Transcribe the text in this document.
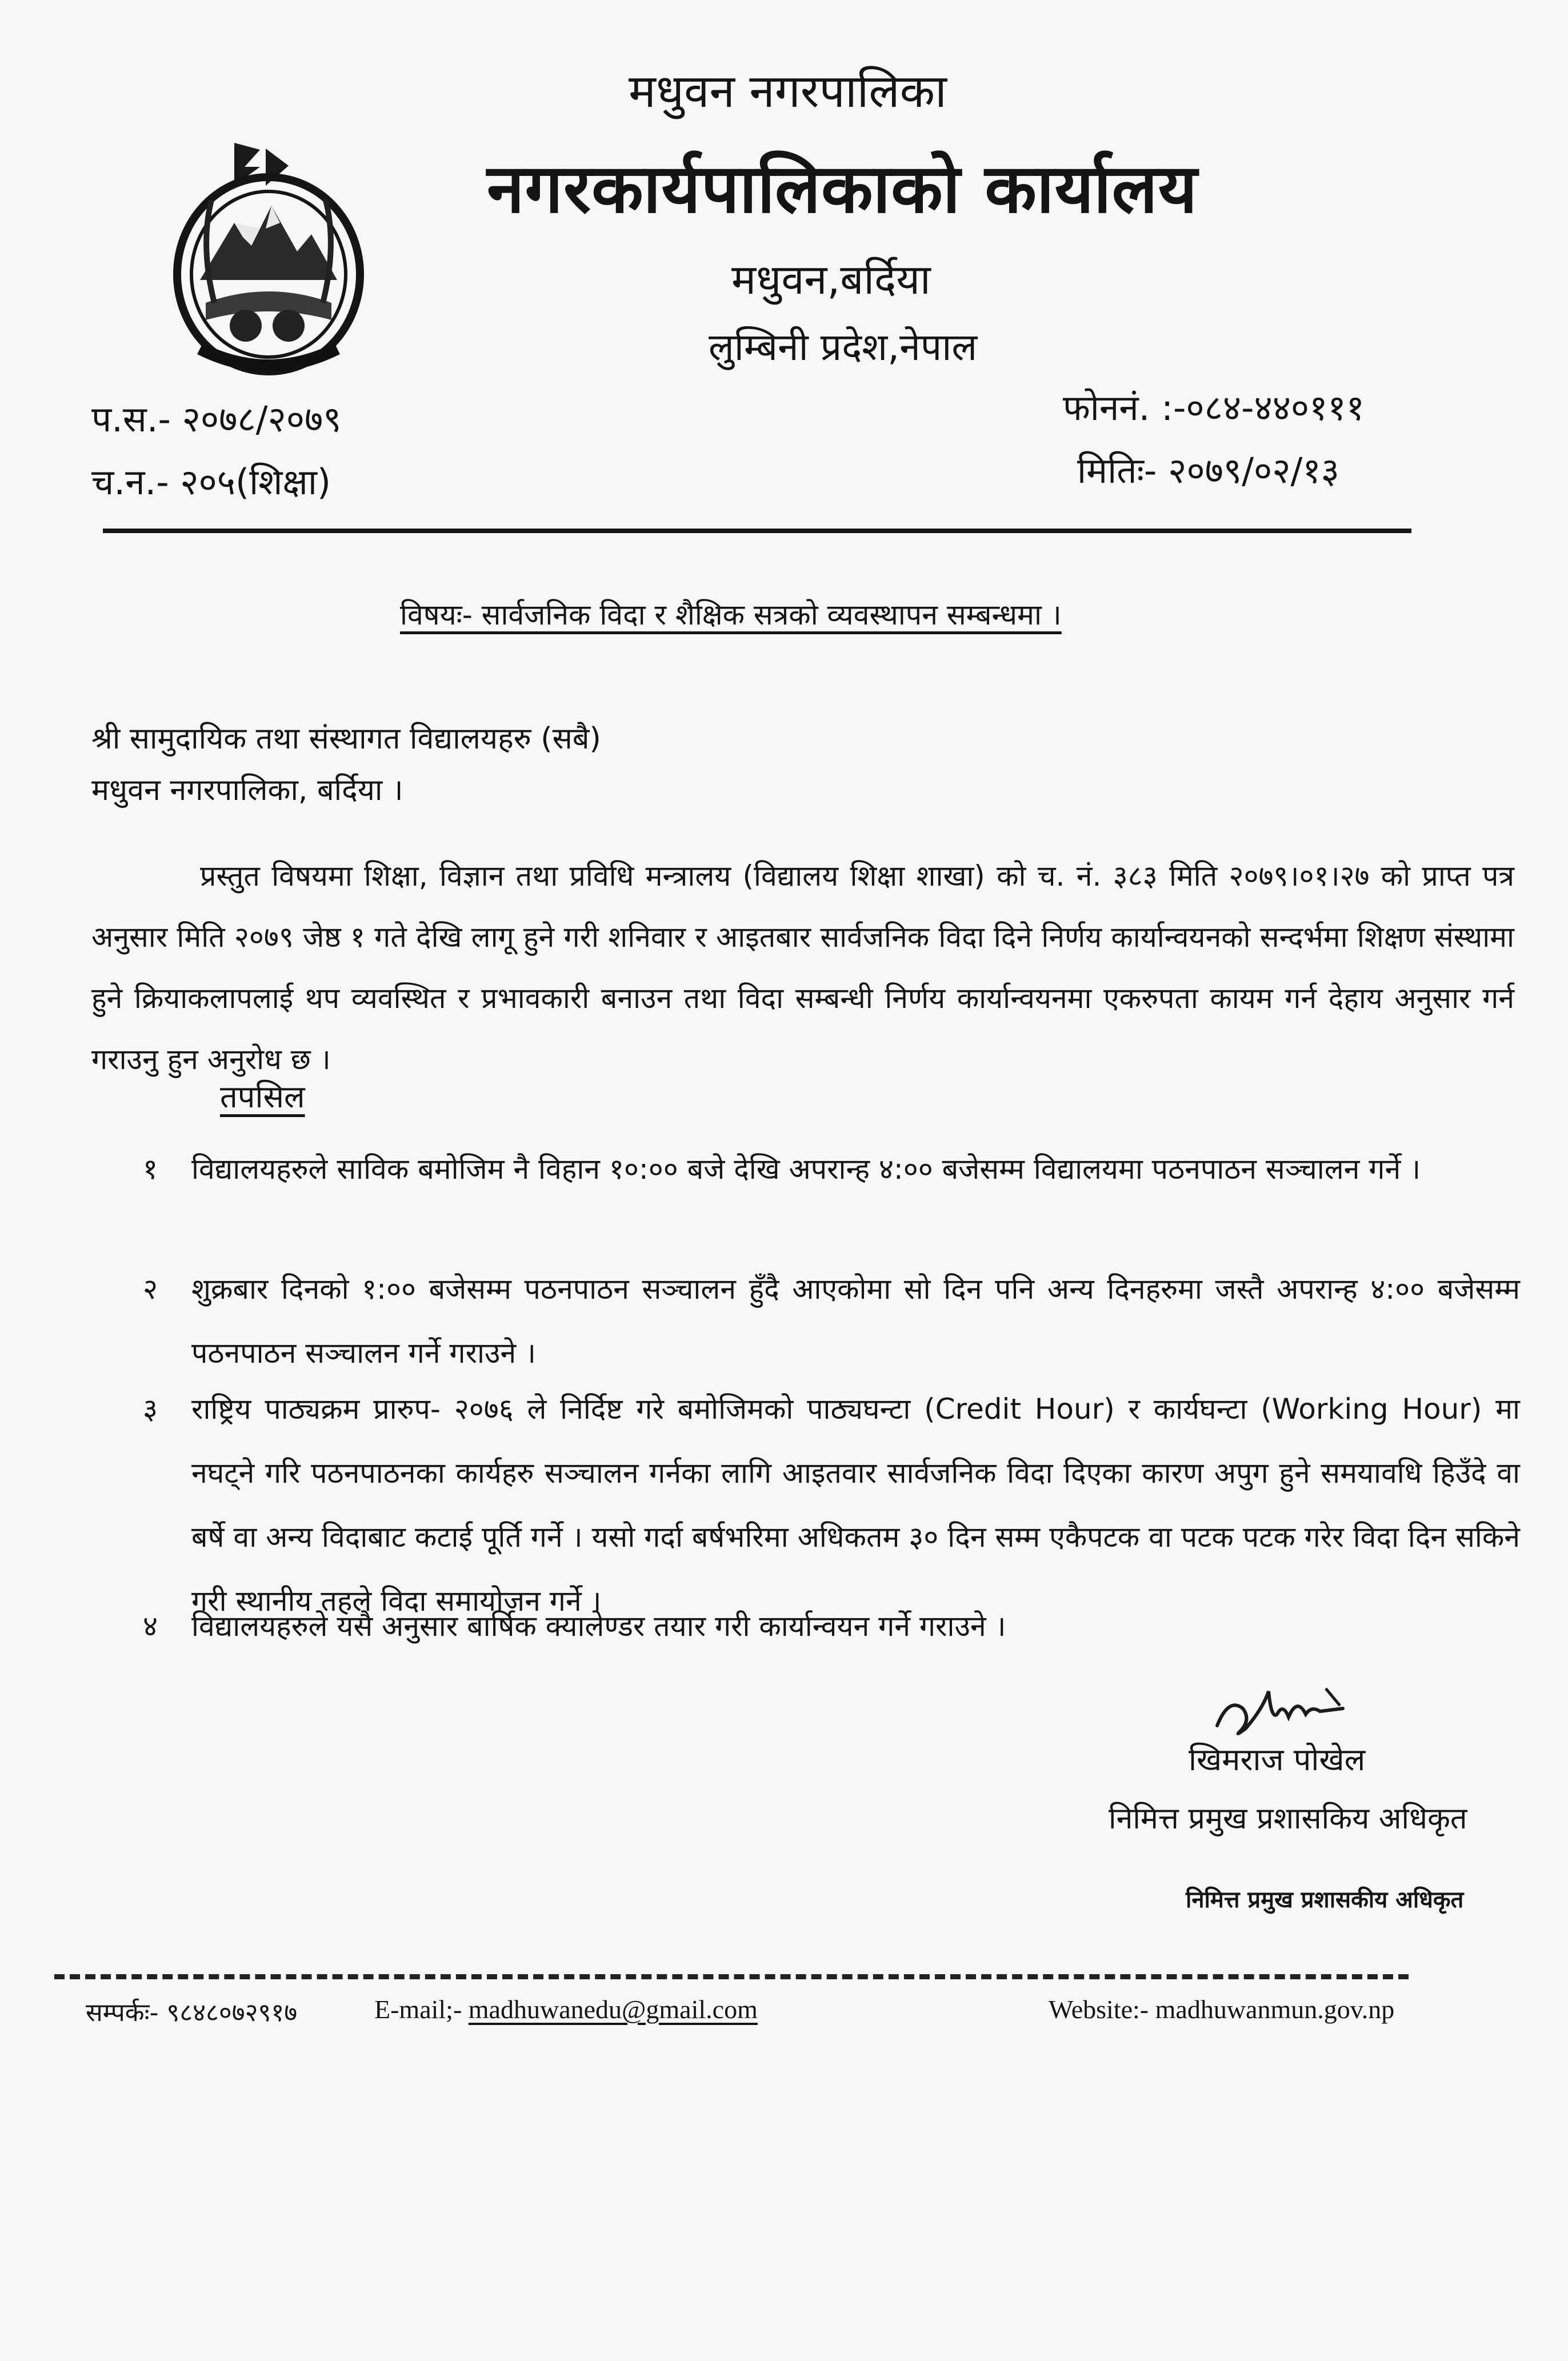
मधुवन नगरपालिका
नगरकार्यपालिकाको कार्यालय
मधुवन,बर्दिया
लुम्बिनी प्रदेश,नेपाल
प.स.- २०७८/२०७९
च.न.- २०५(शिक्षा)
फोननं. :-०८४-४४०१११
मितिः- २०७९/०२/१३
विषयः- सार्वजनिक विदा र शैक्षिक सत्रको व्यवस्थापन सम्बन्धमा ।
श्री सामुदायिक तथा संस्थागत विद्यालयहरु (सबै)
मधुवन नगरपालिका, बर्दिया ।
प्रस्तुत विषयमा शिक्षा, विज्ञान तथा प्रविधि मन्त्रालय (विद्यालय शिक्षा शाखा) को च. नं. ३८३ मिति २०७९।०१।२७ को प्राप्त पत्र अनुसार मिति २०७९ जेष्ठ १ गते देखि लागू हुने गरी शनिवार र आइतबार सार्वजनिक विदा दिने निर्णय कार्यान्वयनको सन्दर्भमा शिक्षण संस्थामा हुने क्रियाकलापलाई थप व्यवस्थित र प्रभावकारी बनाउन तथा विदा सम्बन्धी निर्णय कार्यान्वयनमा एकरुपता कायम गर्न देहाय अनुसार गर्न गराउनु हुन अनुरोध छ ।
तपसिल
१	विद्यालयहरुले साविक बमोजिम नै विहान १०:०० बजे देखि अपरान्ह ४:०० बजेसम्म विद्यालयमा पठनपाठन सञ्चालन गर्ने ।
२	शुक्रबार दिनको १:०० बजेसम्म पठनपाठन सञ्चालन हुँदै आएकोमा सो दिन पनि अन्य दिनहरुमा जस्तै अपरान्ह ४:०० बजेसम्म पठनपाठन सञ्चालन गर्ने गराउने ।
३	राष्ट्रिय पाठ्यक्रम प्रारुप- २०७६ ले निर्दिष्ट गरे बमोजिमको पाठ्यघन्टा (Credit Hour) र कार्यघन्टा (Working Hour) मा नघट्ने गरि पठनपाठनका कार्यहरु सञ्चालन गर्नका लागि आइतवार सार्वजनिक विदा दिएका कारण अपुग हुने समयावधि हिउँदे वा बर्षे वा अन्य विदाबाट कटाई पूर्ति गर्ने । यसो गर्दा बर्षभरिमा अधिकतम ३० दिन सम्म एकैपटक वा पटक पटक गरेर विदा दिन सकिने गरी स्थानीय तहले विदा समायोजन गर्ने ।
४	विद्यालयहरुले यसै अनुसार बार्षिक क्यालेण्डर तयार गरी कार्यान्वयन गर्ने गराउने ।
खिमराज पोखेल
निमित्त प्रमुख प्रशासकिय अधिकृत
निमित्त प्रमुख प्रशासकीय अधिकृत
सम्पर्कः- ९८४८०७२९१७	E-mail;- madhuwanedu@gmail.com	Website:- madhuwanmun.gov.np
